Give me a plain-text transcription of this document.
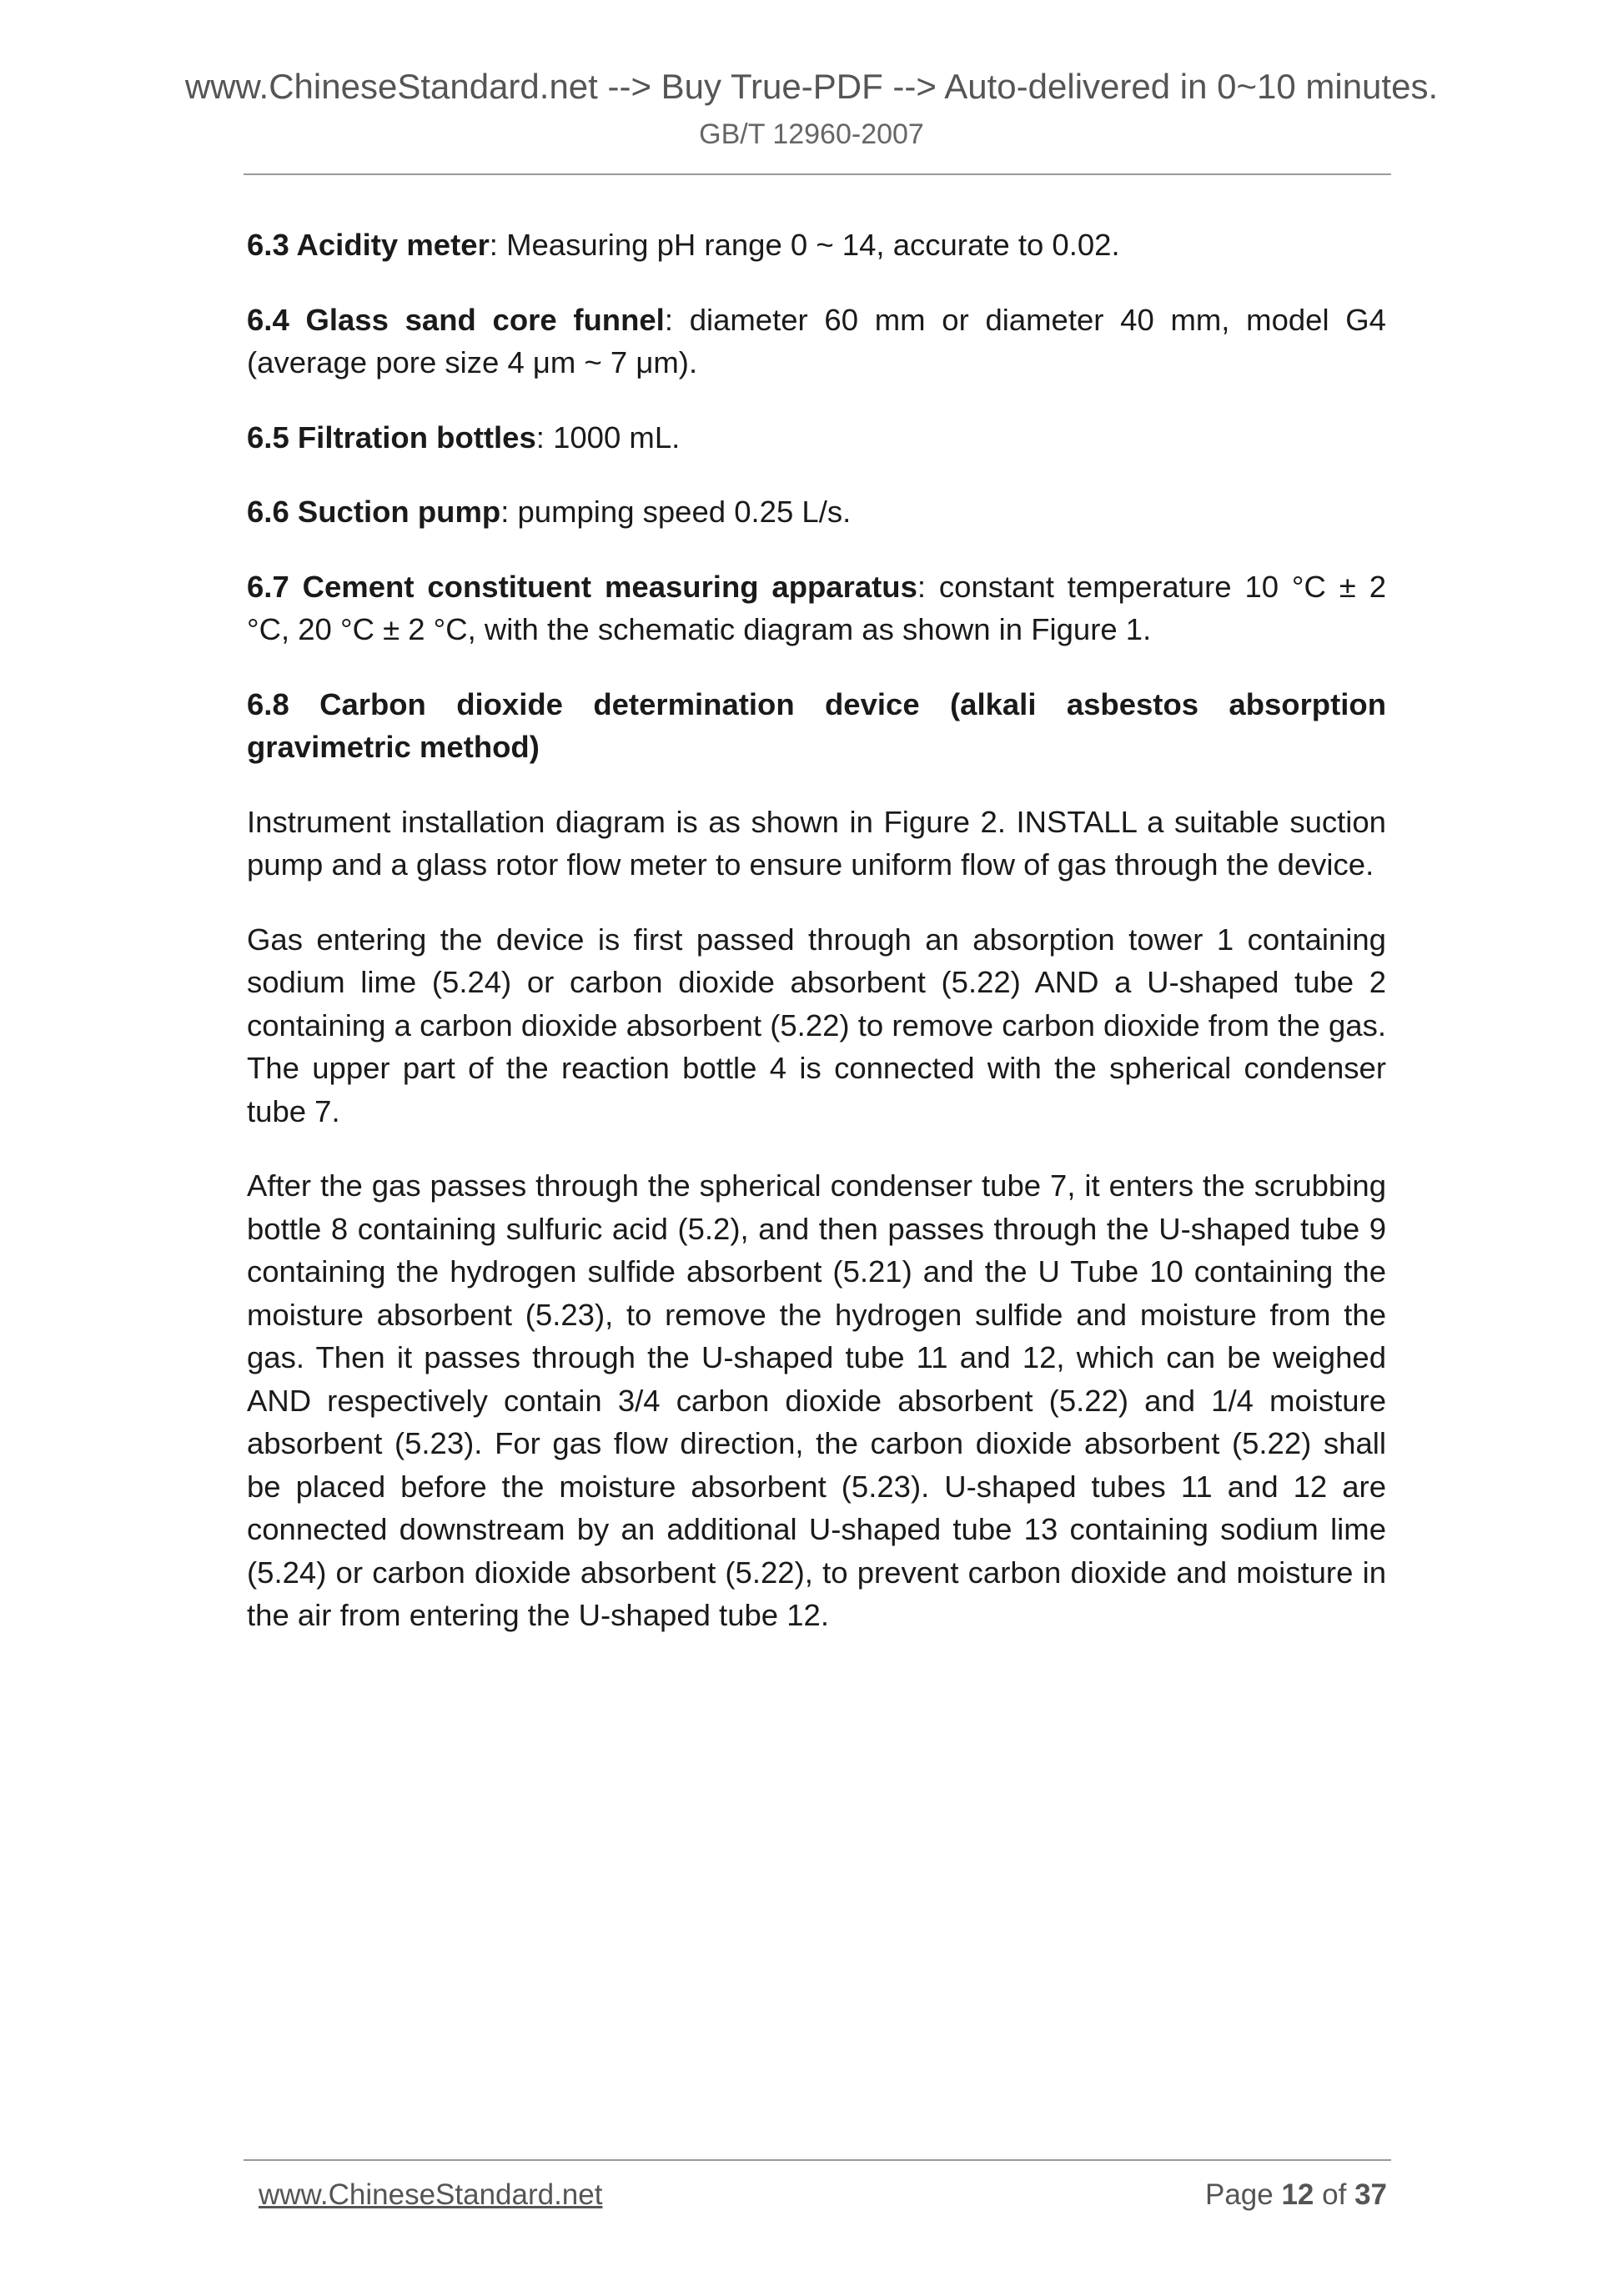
www.ChineseStandard.net --> Buy True-PDF --> Auto-delivered in 0~10 minutes.
GB/T 12960-2007

6.3 Acidity meter: Measuring pH range 0 ~ 14, accurate to 0.02.

6.4 Glass sand core funnel: diameter 60 mm or diameter 40 mm, model G4 (average pore size 4 μm ~ 7 μm).

6.5 Filtration bottles: 1000 mL.

6.6 Suction pump: pumping speed 0.25 L/s.

6.7 Cement constituent measuring apparatus: constant temperature 10 °C ± 2 °C, 20 °C ± 2 °C, with the schematic diagram as shown in Figure 1.

6.8 Carbon dioxide determination device (alkali asbestos absorption gravimetric method)

Instrument installation diagram is as shown in Figure 2. INSTALL a suitable suction pump and a glass rotor flow meter to ensure uniform flow of gas through the device.

Gas entering the device is first passed through an absorption tower 1 containing sodium lime (5.24) or carbon dioxide absorbent (5.22) AND a U-shaped tube 2 containing a carbon dioxide absorbent (5.22) to remove carbon dioxide from the gas. The upper part of the reaction bottle 4 is connected with the spherical condenser tube 7.

After the gas passes through the spherical condenser tube 7, it enters the scrubbing bottle 8 containing sulfuric acid (5.2), and then passes through the U-shaped tube 9 containing the hydrogen sulfide absorbent (5.21) and the U Tube 10 containing the moisture absorbent (5.23), to remove the hydrogen sulfide and moisture from the gas. Then it passes through the U-shaped tube 11 and 12, which can be weighed AND respectively contain 3/4 carbon dioxide absorbent (5.22) and 1/4 moisture absorbent (5.23). For gas flow direction, the carbon dioxide absorbent (5.22) shall be placed before the moisture absorbent (5.23). U-shaped tubes 11 and 12 are connected downstream by an additional U-shaped tube 13 containing sodium lime (5.24) or carbon dioxide absorbent (5.22), to prevent carbon dioxide and moisture in the air from entering the U-shaped tube 12.

www.ChineseStandard.net	Page 12 of 37
